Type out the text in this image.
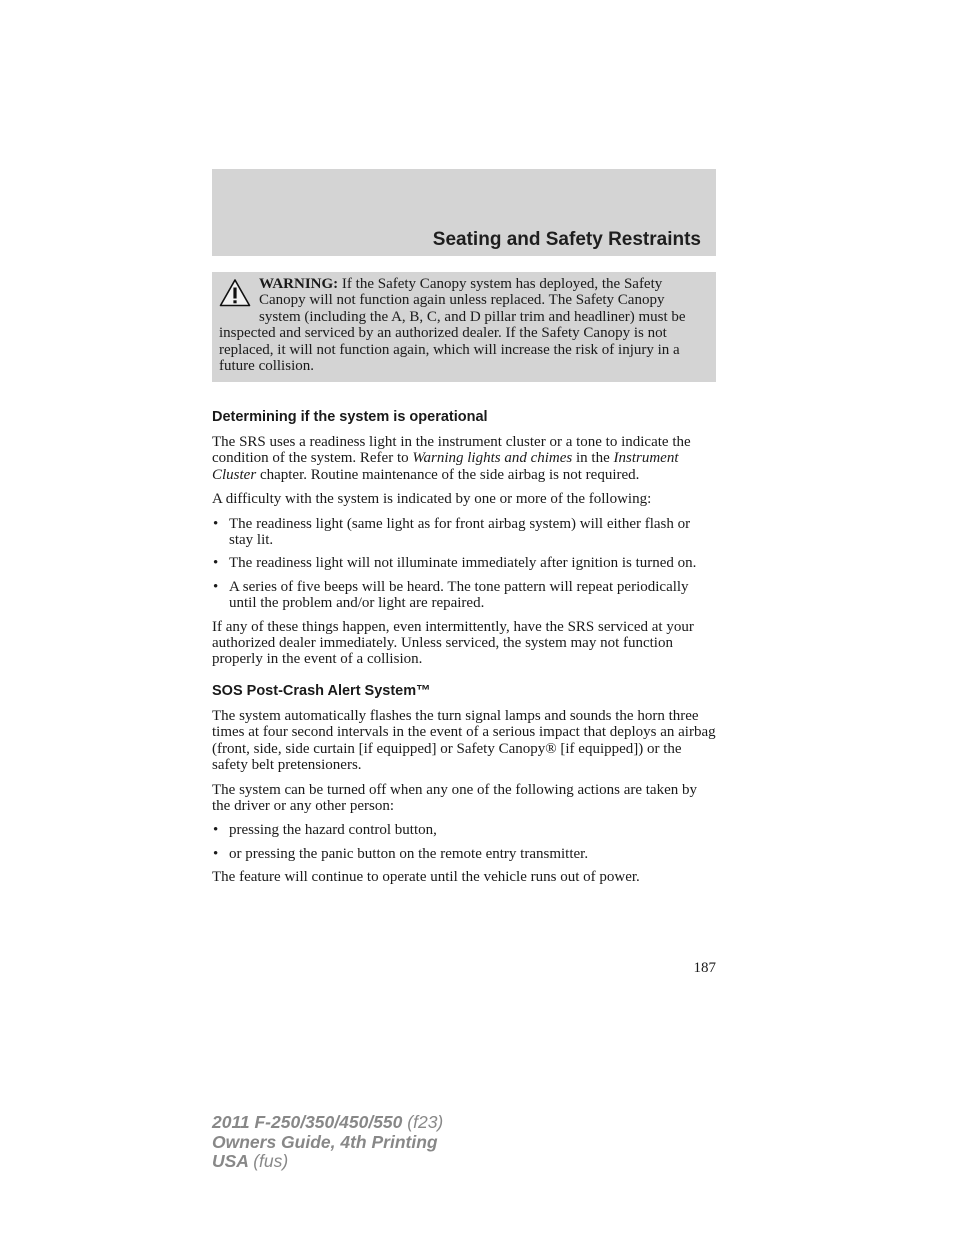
Seating and Safety Restraints
WARNING: If the Safety Canopy system has deployed, the Safety Canopy will not function again unless replaced. The Safety Canopy system (including the A, B, C, and D pillar trim and headliner) must be inspected and serviced by an authorized dealer. If the Safety Canopy is not replaced, it will not function again, which will increase the risk of injury in a future collision.
Determining if the system is operational

The SRS uses a readiness light in the instrument cluster or a tone to indicate the condition of the system. Refer to Warning lights and chimes in the Instrument Cluster chapter. Routine maintenance of the side airbag is not required.

A difficulty with the system is indicated by one or more of the following:

• The readiness light (same light as for front airbag system) will either flash or stay lit.
• The readiness light will not illuminate immediately after ignition is turned on.
• A series of five beeps will be heard. The tone pattern will repeat periodically until the problem and/or light are repaired.

If any of these things happen, even intermittently, have the SRS serviced at your authorized dealer immediately. Unless serviced, the system may not function properly in the event of a collision.

SOS Post-Crash Alert System™

The system automatically flashes the turn signal lamps and sounds the horn three times at four second intervals in the event of a serious impact that deploys an airbag (front, side, side curtain [if equipped] or Safety Canopy® [if equipped]) or the safety belt pretensioners.

The system can be turned off when any one of the following actions are taken by the driver or any other person:

• pressing the hazard control button,
• or pressing the panic button on the remote entry transmitter.

The feature will continue to operate until the vehicle runs out of power.

187
2011 F-250/350/450/550 (f23)
Owners Guide, 4th Printing
USA (fus)
